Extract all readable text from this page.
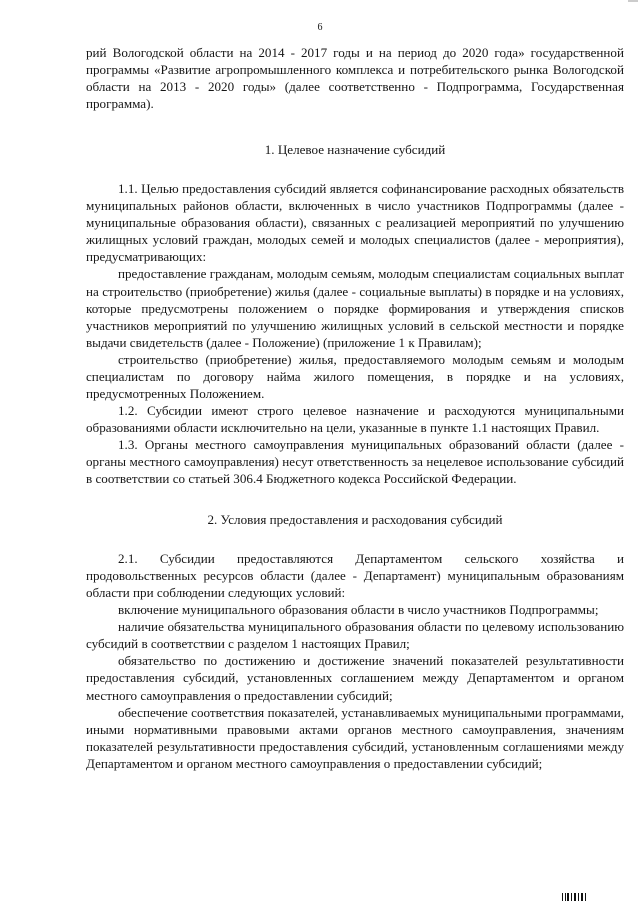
6

рий Вологодской области на 2014 - 2017 годы и на период до 2020 года» государственной программы «Развитие агропромышленного комплекса и потребительского рынка Вологодской области на 2013 - 2020 годы» (далее соответственно - Подпрограмма, Государственная программа).

1. Целевое назначение субсидий

1.1. Целью предоставления субсидий является софинансирование расходных обязательств муниципальных районов области, включенных в число участников Подпрограммы (далее - муниципальные образования области), связанных с реализацией мероприятий по улучшению жилищных условий граждан, молодых семей и молодых специалистов (далее - мероприятия), предусматривающих:

предоставление гражданам, молодым семьям, молодым специалистам социальных выплат на строительство (приобретение) жилья (далее - социальные выплаты) в порядке и на условиях, которые предусмотрены положением о порядке формирования и утверждения списков участников мероприятий по улучшению жилищных условий в сельской местности и порядке выдачи свидетельств (далее - Положение) (приложение 1 к Правилам);

строительство (приобретение) жилья, предоставляемого молодым семьям и молодым специалистам по договору найма жилого помещения, в порядке и на условиях, предусмотренных Положением.

1.2. Субсидии имеют строго целевое назначение и расходуются муниципальными образованиями области исключительно на цели, указанные в пункте 1.1 настоящих Правил.

1.3. Органы местного самоуправления муниципальных образований области (далее - органы местного самоуправления) несут ответственность за нецелевое использование субсидий в соответствии со статьей 306.4 Бюджетного кодекса Российской Федерации.

2. Условия предоставления и расходования субсидий

2.1. Субсидии предоставляются Департаментом сельского хозяйства и продовольственных ресурсов области (далее - Департамент) муниципальным образованиям области при соблюдении следующих условий:

включение муниципального образования области в число участников Подпрограммы;

наличие обязательства муниципального образования области по целевому использованию субсидий в соответствии с разделом 1 настоящих Правил;

обязательство по достижению и достижение значений показателей результативности предоставления субсидий, установленных соглашением между Департаментом и органом местного самоуправления о предоставлении субсидий;

обеспечение соответствия показателей, устанавливаемых муниципальными программами, иными нормативными правовыми актами органов местного самоуправления, значениям показателей результативности предоставления субсидий, установленным соглашениями между Департаментом и органом местного самоуправления о предоставлении субсидий;
